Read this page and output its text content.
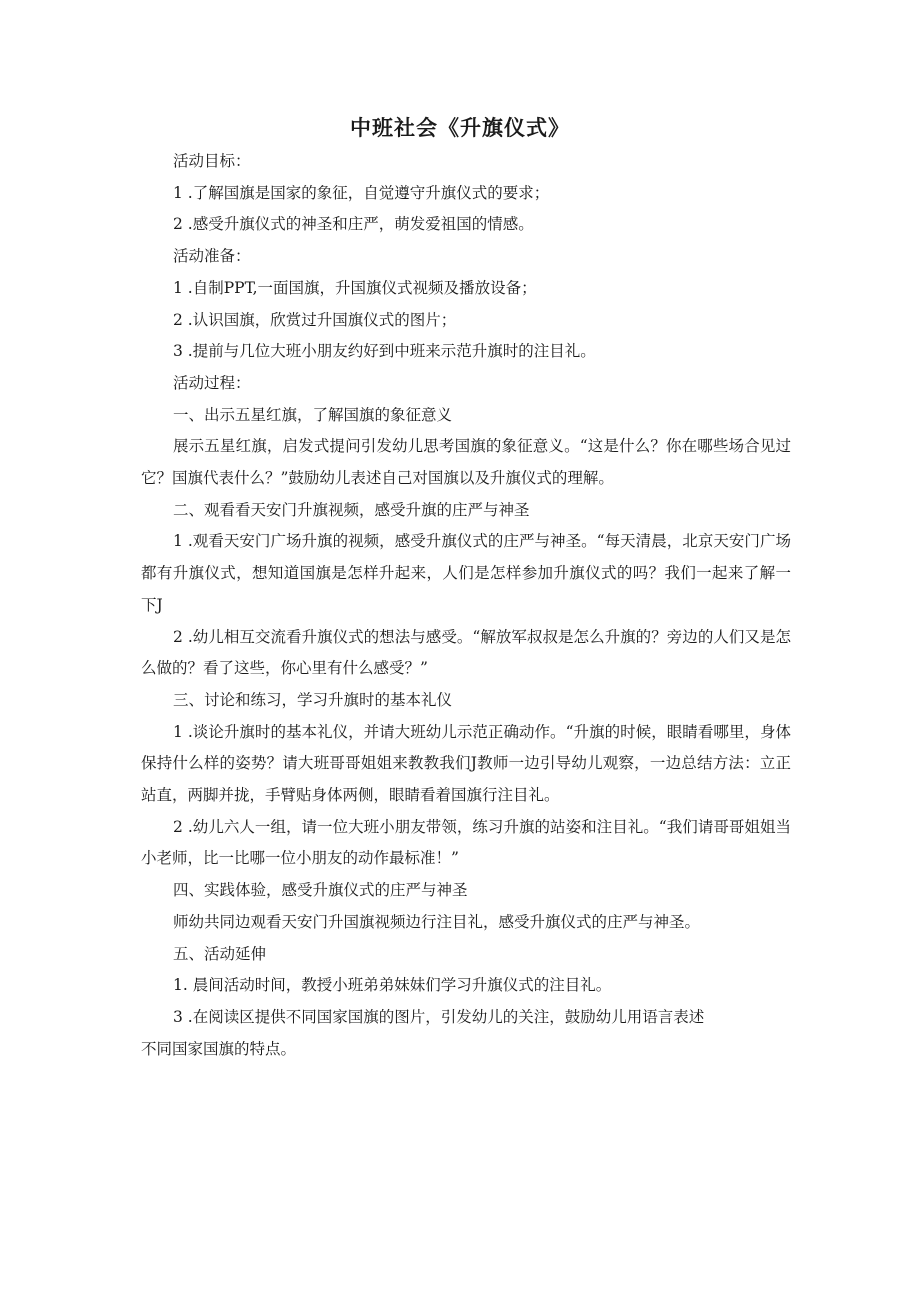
中班社会《升旗仪式》

活动目标：

1 .了解国旗是国家的象征，自觉遵守升旗仪式的要求；

2 .感受升旗仪式的神圣和庄严，萌发爱祖国的情感。

活动准备：

1 .自制PPT,一面国旗，升国旗仪式视频及播放设备；

2 .认识国旗，欣赏过升国旗仪式的图片；

3 .提前与几位大班小朋友约好到中班来示范升旗时的注目礼。

活动过程：

一、出示五星红旗，了解国旗的象征意义

展示五星红旗，启发式提问引发幼儿思考国旗的象征意义。“这是什么？你在哪些场合见过它？国旗代表什么？”鼓励幼儿表述自己对国旗以及升旗仪式的理解。

二、观看看天安门升旗视频，感受升旗的庄严与神圣

1 .观看天安门广场升旗的视频，感受升旗仪式的庄严与神圣。“每天清晨，北京天安门广场都有升旗仪式，想知道国旗是怎样升起来，人们是怎样参加升旗仪式的吗？我们一起来了解一下J

2 .幼儿相互交流看升旗仪式的想法与感受。“解放军叔叔是怎么升旗的？旁边的人们又是怎么做的？看了这些，你心里有什么感受？”

三、讨论和练习，学习升旗时的基本礼仪

1 .谈论升旗时的基本礼仪，并请大班幼儿示范正确动作。“升旗的时候，眼睛看哪里，身体保持什么样的姿势？请大班哥哥姐姐来教教我们J教师一边引导幼儿观察，一边总结方法：立正站直，两脚并拢，手臂贴身体两侧，眼睛看着国旗行注目礼。

2 .幼儿六人一组，请一位大班小朋友带领，练习升旗的站姿和注目礼。“我们请哥哥姐姐当小老师，比一比哪一位小朋友的动作最标准！”

四、实践体验，感受升旗仪式的庄严与神圣

师幼共同边观看天安门升国旗视频边行注目礼，感受升旗仪式的庄严与神圣。

五、活动延伸

1. 晨间活动时间，教授小班弟弟妹妹们学习升旗仪式的注目礼。

3 .在阅读区提供不同国家国旗的图片，引发幼儿的关注，鼓励幼儿用语言表述

不同国家国旗的特点。
